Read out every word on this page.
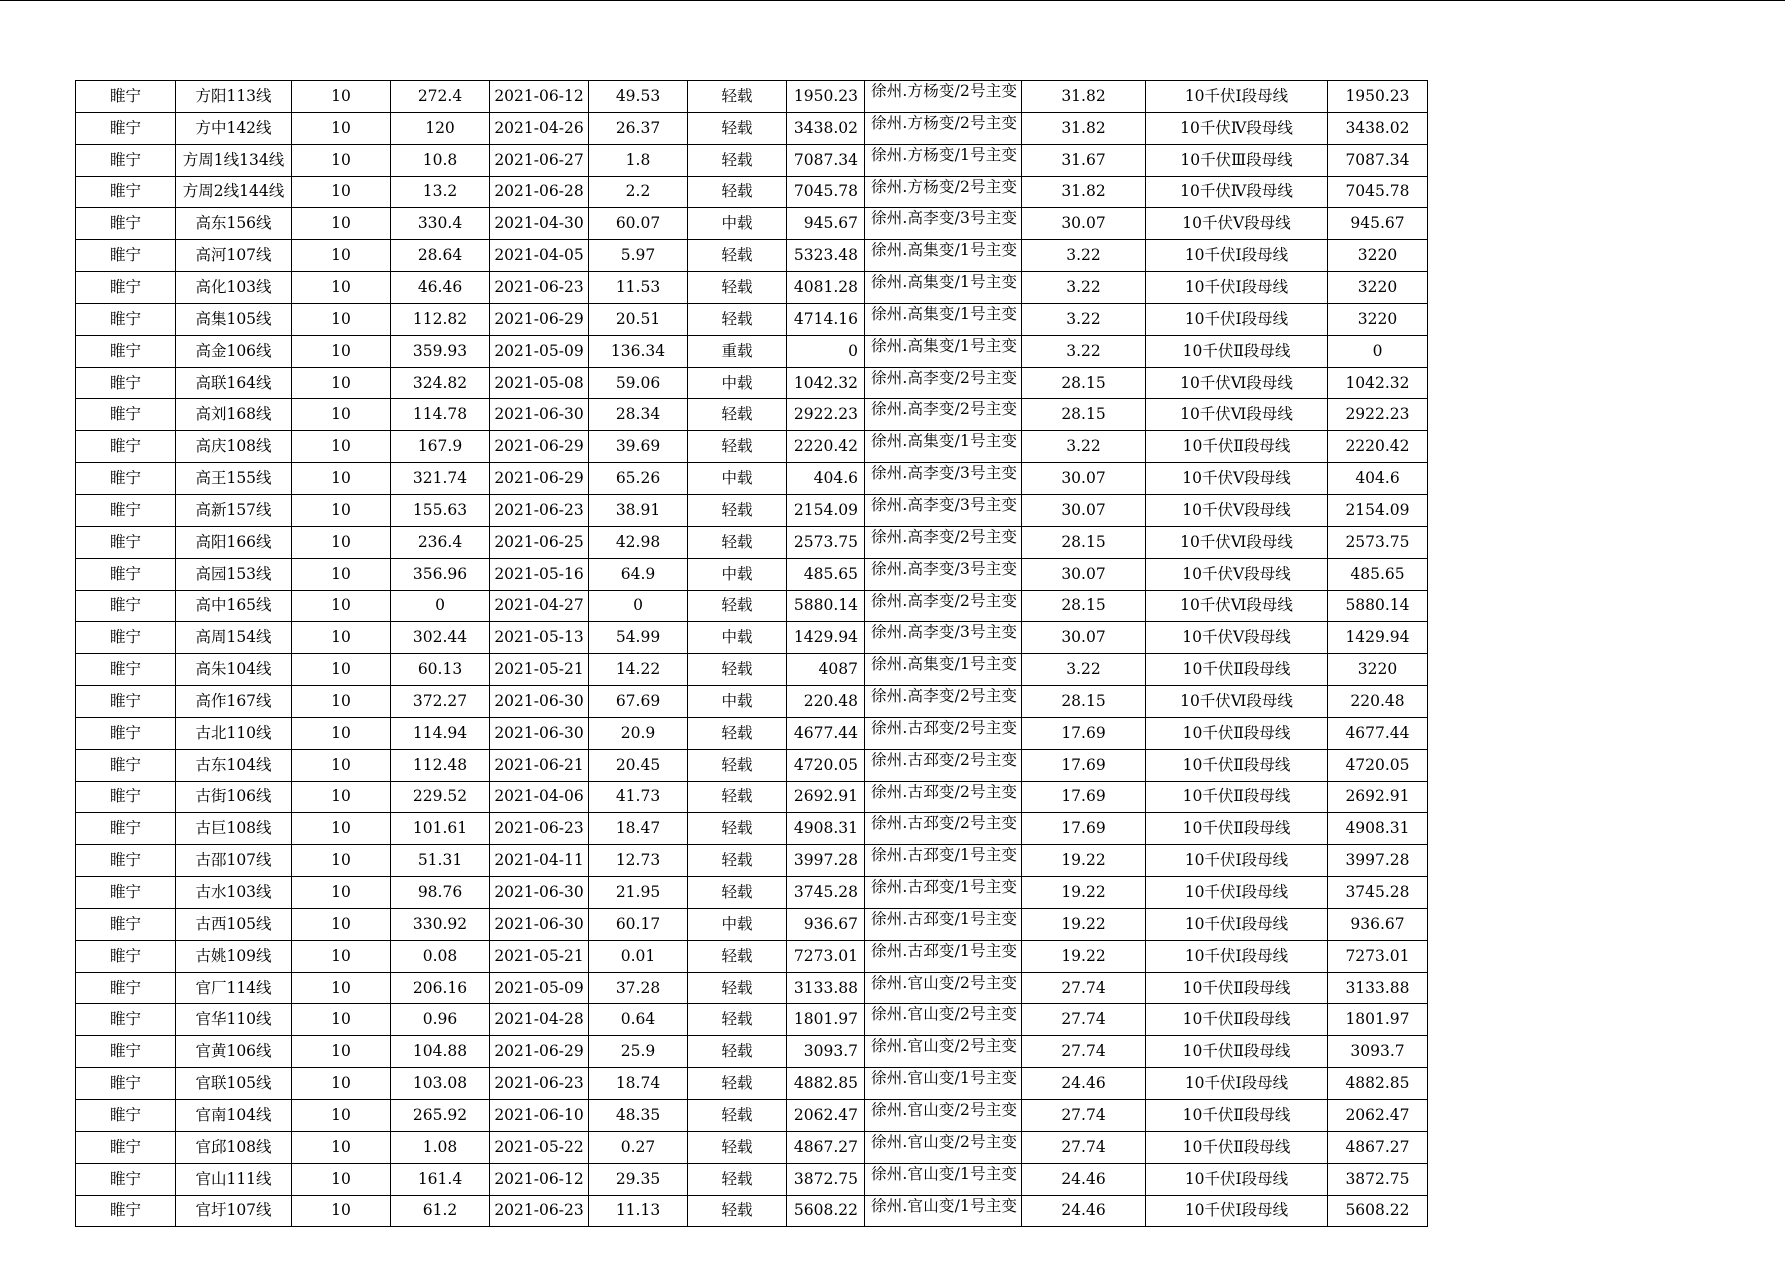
睢宁	方阳113线	10	272.4	2021-06-12	49.53	轻载	1950.23	徐州.方杨变/2号主变	31.82	10千伏Ⅰ段母线	1950.23
睢宁	方中142线	10	120	2021-04-26	26.37	轻载	3438.02	徐州.方杨变/2号主变	31.82	10千伏Ⅳ段母线	3438.02
睢宁	方周1线134线	10	10.8	2021-06-27	1.8	轻载	7087.34	徐州.方杨变/1号主变	31.67	10千伏Ⅲ段母线	7087.34
睢宁	方周2线144线	10	13.2	2021-06-28	2.2	轻载	7045.78	徐州.方杨变/2号主变	31.82	10千伏Ⅳ段母线	7045.78
睢宁	高东156线	10	330.4	2021-04-30	60.07	中载	945.67	徐州.高李变/3号主变	30.07	10千伏Ⅴ段母线	945.67
睢宁	高河107线	10	28.64	2021-04-05	5.97	轻载	5323.48	徐州.高集变/1号主变	3.22	10千伏Ⅰ段母线	3220
睢宁	高化103线	10	46.46	2021-06-23	11.53	轻载	4081.28	徐州.高集变/1号主变	3.22	10千伏Ⅰ段母线	3220
睢宁	高集105线	10	112.82	2021-06-29	20.51	轻载	4714.16	徐州.高集变/1号主变	3.22	10千伏Ⅰ段母线	3220
睢宁	高金106线	10	359.93	2021-05-09	136.34	重载	0	徐州.高集变/1号主变	3.22	10千伏Ⅱ段母线	0
睢宁	高联164线	10	324.82	2021-05-08	59.06	中载	1042.32	徐州.高李变/2号主变	28.15	10千伏Ⅵ段母线	1042.32
睢宁	高刘168线	10	114.78	2021-06-30	28.34	轻载	2922.23	徐州.高李变/2号主变	28.15	10千伏Ⅵ段母线	2922.23
睢宁	高庆108线	10	167.9	2021-06-29	39.69	轻载	2220.42	徐州.高集变/1号主变	3.22	10千伏Ⅱ段母线	2220.42
睢宁	高王155线	10	321.74	2021-06-29	65.26	中载	404.6	徐州.高李变/3号主变	30.07	10千伏Ⅴ段母线	404.6
睢宁	高新157线	10	155.63	2021-06-23	38.91	轻载	2154.09	徐州.高李变/3号主变	30.07	10千伏Ⅴ段母线	2154.09
睢宁	高阳166线	10	236.4	2021-06-25	42.98	轻载	2573.75	徐州.高李变/2号主变	28.15	10千伏Ⅵ段母线	2573.75
睢宁	高园153线	10	356.96	2021-05-16	64.9	中载	485.65	徐州.高李变/3号主变	30.07	10千伏Ⅴ段母线	485.65
睢宁	高中165线	10	0	2021-04-27	0	轻载	5880.14	徐州.高李变/2号主变	28.15	10千伏Ⅵ段母线	5880.14
睢宁	高周154线	10	302.44	2021-05-13	54.99	中载	1429.94	徐州.高李变/3号主变	30.07	10千伏Ⅴ段母线	1429.94
睢宁	高朱104线	10	60.13	2021-05-21	14.22	轻载	4087	徐州.高集变/1号主变	3.22	10千伏Ⅱ段母线	3220
睢宁	高作167线	10	372.27	2021-06-30	67.69	中载	220.48	徐州.高李变/2号主变	28.15	10千伏Ⅵ段母线	220.48
睢宁	古北110线	10	114.94	2021-06-30	20.9	轻载	4677.44	徐州.古邳变/2号主变	17.69	10千伏Ⅱ段母线	4677.44
睢宁	古东104线	10	112.48	2021-06-21	20.45	轻载	4720.05	徐州.古邳变/2号主变	17.69	10千伏Ⅱ段母线	4720.05
睢宁	古街106线	10	229.52	2021-04-06	41.73	轻载	2692.91	徐州.古邳变/2号主变	17.69	10千伏Ⅱ段母线	2692.91
睢宁	古巨108线	10	101.61	2021-06-23	18.47	轻载	4908.31	徐州.古邳变/2号主变	17.69	10千伏Ⅱ段母线	4908.31
睢宁	古邵107线	10	51.31	2021-04-11	12.73	轻载	3997.28	徐州.古邳变/1号主变	19.22	10千伏Ⅰ段母线	3997.28
睢宁	古水103线	10	98.76	2021-06-30	21.95	轻载	3745.28	徐州.古邳变/1号主变	19.22	10千伏Ⅰ段母线	3745.28
睢宁	古西105线	10	330.92	2021-06-30	60.17	中载	936.67	徐州.古邳变/1号主变	19.22	10千伏Ⅰ段母线	936.67
睢宁	古姚109线	10	0.08	2021-05-21	0.01	轻载	7273.01	徐州.古邳变/1号主变	19.22	10千伏Ⅰ段母线	7273.01
睢宁	官厂114线	10	206.16	2021-05-09	37.28	轻载	3133.88	徐州.官山变/2号主变	27.74	10千伏Ⅱ段母线	3133.88
睢宁	官华110线	10	0.96	2021-04-28	0.64	轻载	1801.97	徐州.官山变/2号主变	27.74	10千伏Ⅱ段母线	1801.97
睢宁	官黄106线	10	104.88	2021-06-29	25.9	轻载	3093.7	徐州.官山变/2号主变	27.74	10千伏Ⅱ段母线	3093.7
睢宁	官联105线	10	103.08	2021-06-23	18.74	轻载	4882.85	徐州.官山变/1号主变	24.46	10千伏Ⅰ段母线	4882.85
睢宁	官南104线	10	265.92	2021-06-10	48.35	轻载	2062.47	徐州.官山变/2号主变	27.74	10千伏Ⅱ段母线	2062.47
睢宁	官邱108线	10	1.08	2021-05-22	0.27	轻载	4867.27	徐州.官山变/2号主变	27.74	10千伏Ⅱ段母线	4867.27
睢宁	官山111线	10	161.4	2021-06-12	29.35	轻载	3872.75	徐州.官山变/1号主变	24.46	10千伏Ⅰ段母线	3872.75
睢宁	官圩107线	10	61.2	2021-06-23	11.13	轻载	5608.22	徐州.官山变/1号主变	24.46	10千伏Ⅰ段母线	5608.22
